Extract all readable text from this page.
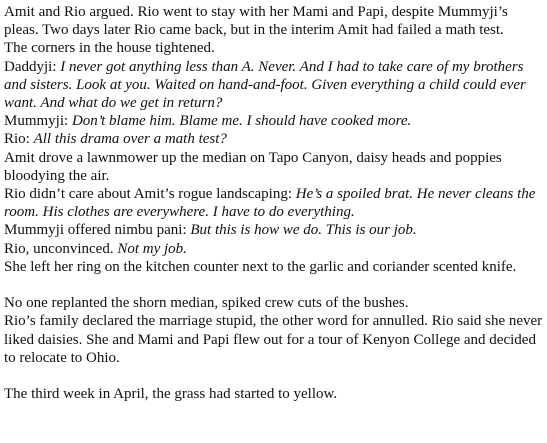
Amit and Rio argued. Rio went to stay with her Mami and Papi, despite Mummyji’s pleas. Two days later Rio came back, but in the interim Amit had failed a math test.

The corners in the house tightened.

Daddyji: I never got anything less than A. Never. And I had to take care of my brothers and sisters. Look at you. Waited on hand-and-foot. Given everything a child could ever want. And what do we get in return?

Mummyji: Don’t blame him. Blame me. I should have cooked more.

Rio: All this drama over a math test?

Amit drove a lawnmower up the median on Tapo Canyon, daisy heads and poppies bloodying the air.

Rio didn’t care about Amit’s rogue landscaping: He’s a spoiled brat. He never cleans the room. His clothes are everywhere. I have to do everything.

Mummyji offered nimbu pani: But this is how we do. This is our job.

Rio, unconvinced. Not my job.

She left her ring on the kitchen counter next to the garlic and coriander scented knife.

No one replanted the shorn median, spiked crew cuts of the bushes.

Rio’s family declared the marriage stupid, the other word for annulled. Rio said she never liked daisies. She and Mami and Papi flew out for a tour of Kenyon College and decided to relocate to Ohio.

The third week in April, the grass had started to yellow.
